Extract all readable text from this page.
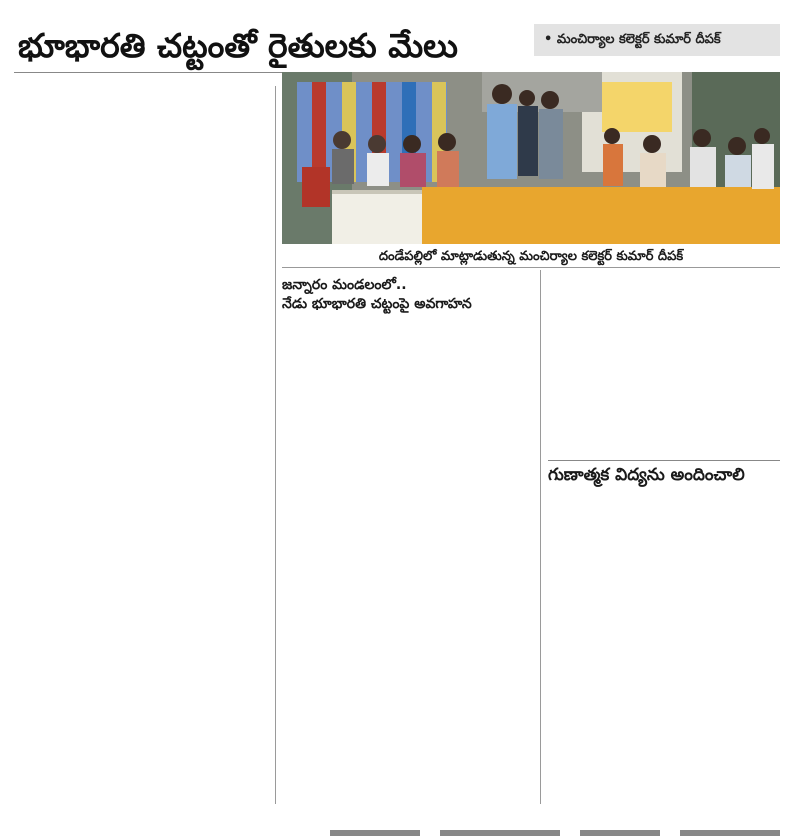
భూభారతి చట్టంతో రైతులకు మేలు	• మంచిర్యాల కలెక్టర్ కుమార్ దీపక్
దండేపల్లిలో మాట్లాడుతున్న మంచిర్యాల కలెక్టర్ కుమార్ దీపక్

జన్నారం మండలంలో..

నేడు భూభారతి చట్టంపై అవగాహన

గుణాత్మక విద్యను అందించాలి
